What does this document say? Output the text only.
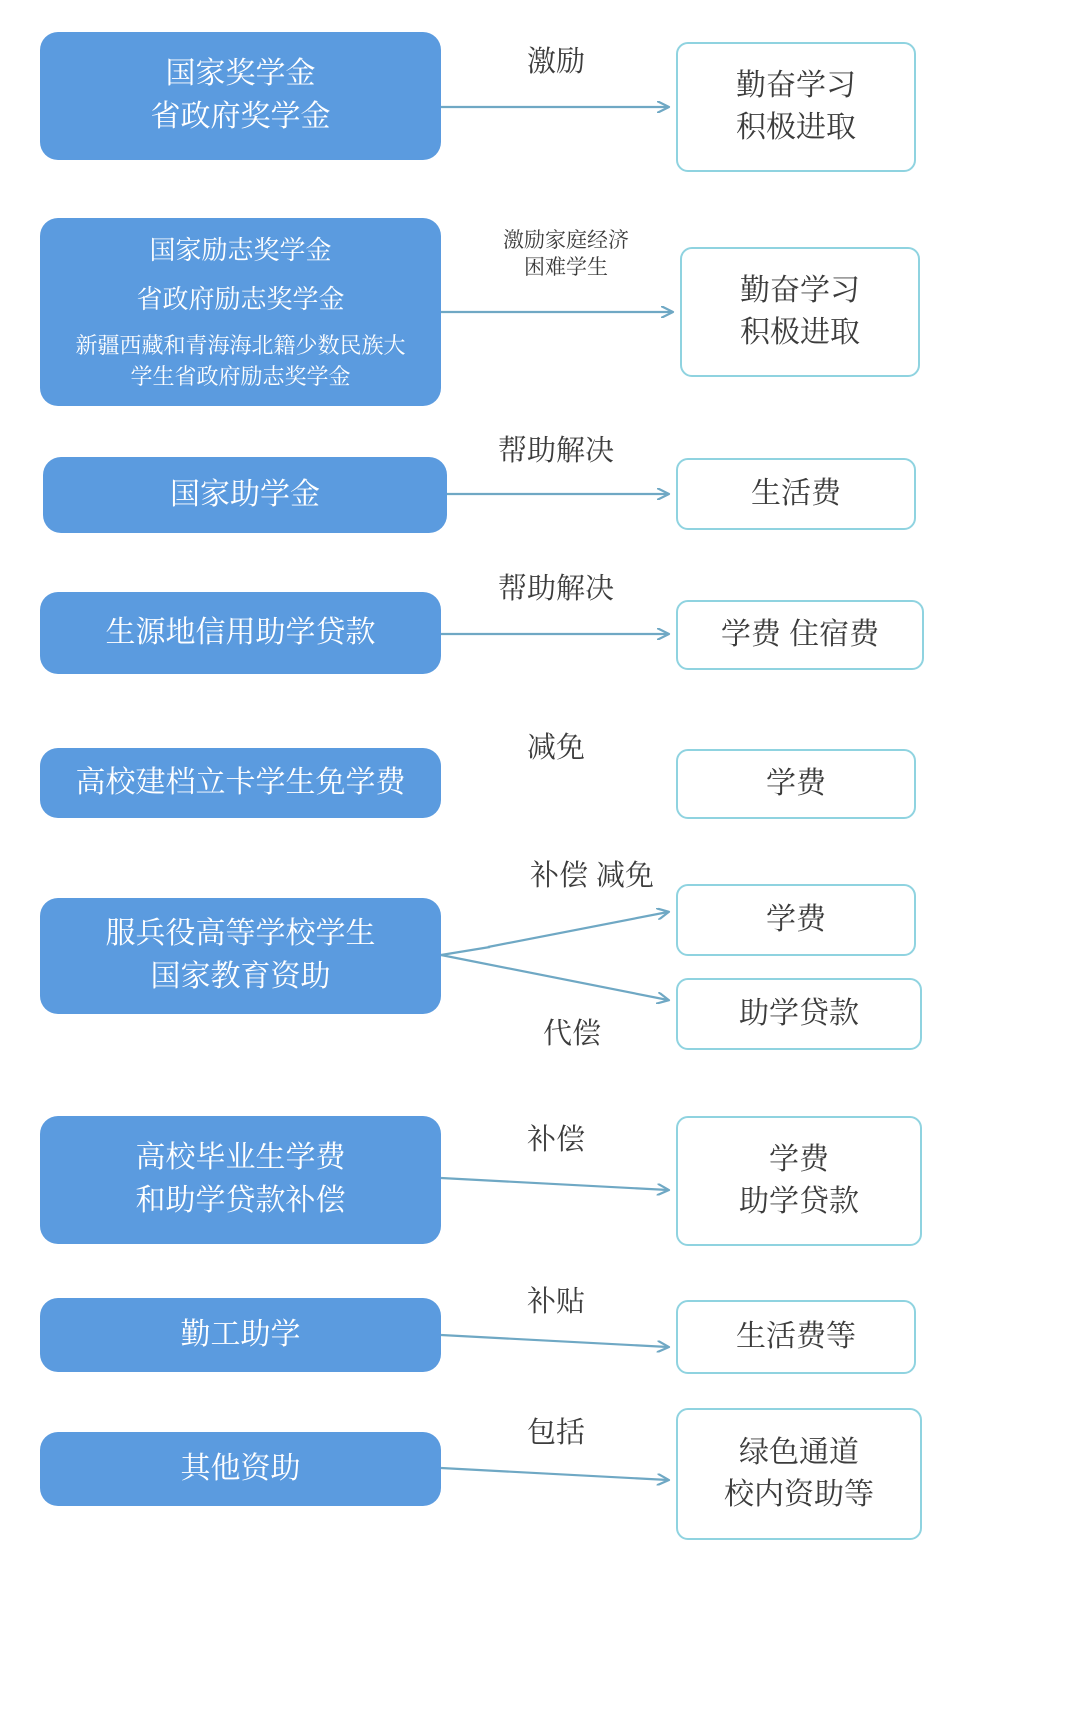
国家奖学金
省政府奖学金
激励
勤奋学习
积极进取
国家励志奖学金
省政府励志奖学金
新疆西藏和青海海北籍少数民族大
学生省政府励志奖学金
激励家庭经济
困难学生
勤奋学习
积极进取
国家助学金
帮助解决
生活费
生源地信用助学贷款
帮助解决
学费 住宿费
高校建档立卡学生免学费
减免
学费
服兵役高等学校学生
国家教育资助
补偿 减免
代偿
学费
助学贷款
高校毕业生学费
和助学贷款补偿
补偿
学费
助学贷款
勤工助学
补贴
生活费等
其他资助
包括
绿色通道
校内资助等
